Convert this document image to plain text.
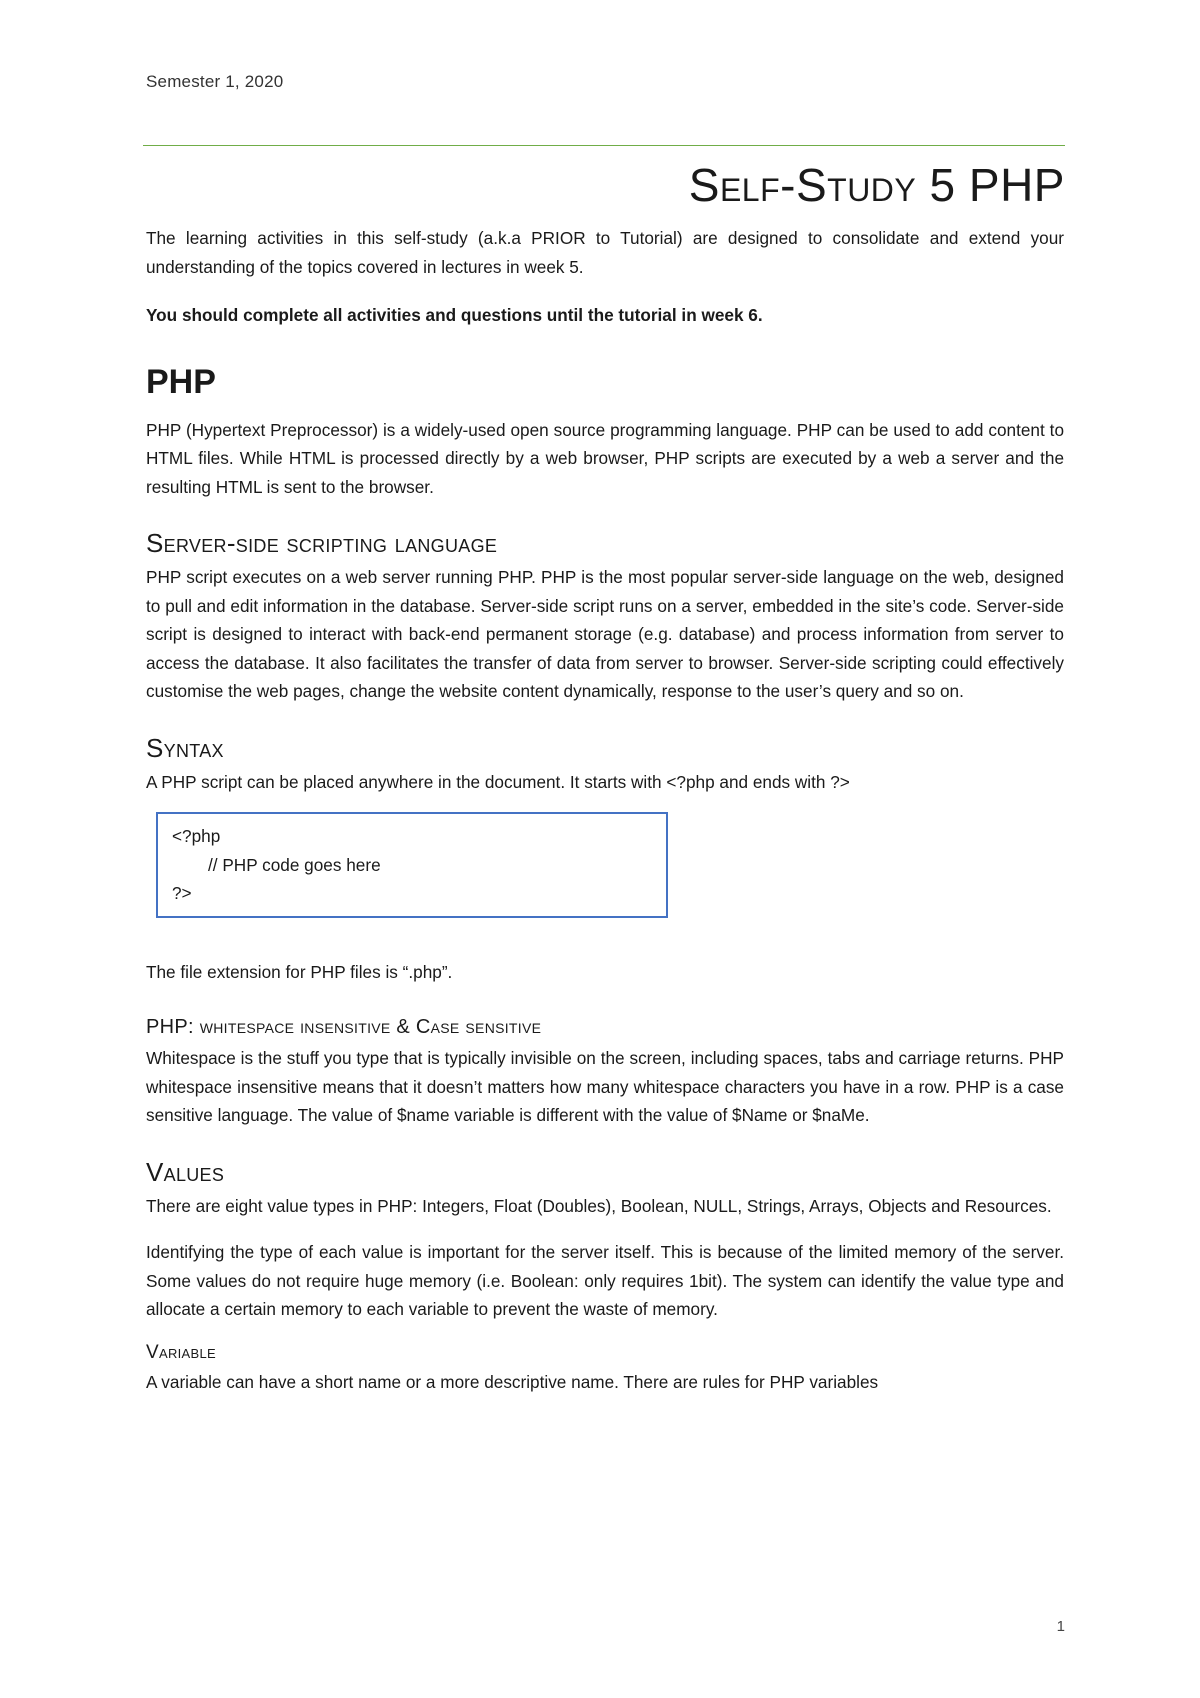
Semester 1, 2020
Self-Study 5 PHP

The learning activities in this self-study (a.k.a PRIOR to Tutorial) are designed to consolidate and extend your understanding of the topics covered in lectures in week 5.

You should complete all activities and questions until the tutorial in week 6.

PHP

PHP (Hypertext Preprocessor) is a widely-used open source programming language. PHP can be used to add content to HTML files. While HTML is processed directly by a web browser, PHP scripts are executed by a web a server and the resulting HTML is sent to the browser.

Server-side scripting language

PHP script executes on a web server running PHP. PHP is the most popular server-side language on the web, designed to pull and edit information in the database. Server-side script runs on a server, embedded in the site’s code. Server-side script is designed to interact with back-end permanent storage (e.g. database) and process information from server to access the database. It also facilitates the transfer of data from server to browser. Server-side scripting could effectively customise the web pages, change the website content dynamically, response to the user’s query and so on.

Syntax

A PHP script can be placed anywhere in the document. It starts with <?php and ends with ?>

<?php
// PHP code goes here
?>

The file extension for PHP files is “.php”.

PHP: whitespace insensitive & Case sensitive

Whitespace is the stuff you type that is typically invisible on the screen, including spaces, tabs and carriage returns. PHP whitespace insensitive means that it doesn’t matters how many whitespace characters you have in a row. PHP is a case sensitive language. The value of $name variable is different with the value of $Name or $naMe.

Values

There are eight value types in PHP: Integers, Float (Doubles), Boolean, NULL, Strings, Arrays, Objects and Resources.

Identifying the type of each value is important for the server itself. This is because of the limited memory of the server. Some values do not require huge memory (i.e. Boolean: only requires 1bit). The system can identify the value type and allocate a certain memory to each variable to prevent the waste of memory.

Variable

A variable can have a short name or a more descriptive name. There are rules for PHP variables

1
